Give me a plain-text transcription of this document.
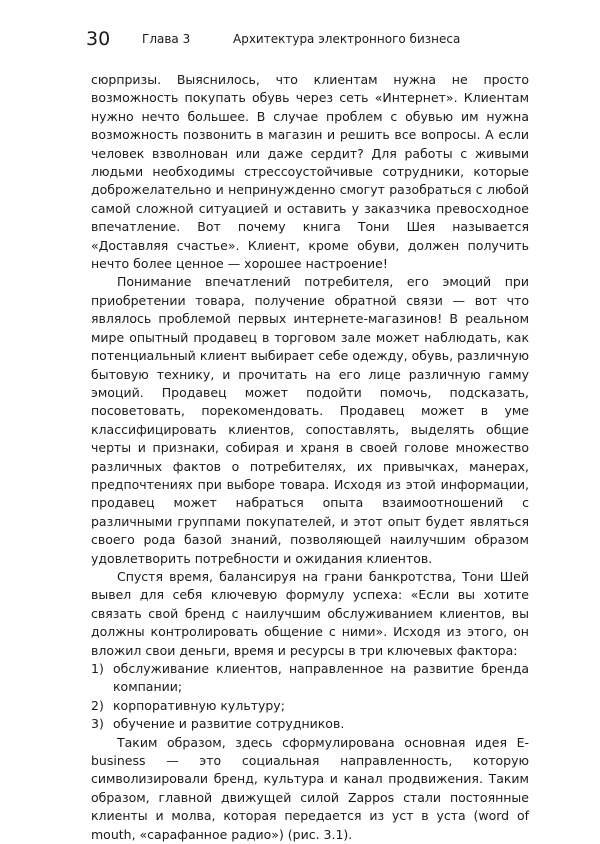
30	Глава 3	Архитектура электронного бизнеса

сюрпризы. Выяснилось, что клиентам нужна не просто возможность покупать обувь через сеть «Интернет». Клиентам нужно нечто большее. В случае проблем с обувью им нужна возможность позвонить в магазин и решить все вопросы. А если человек взволнован или даже сердит? Для работы с живыми людьми необходимы стрессоустойчивые сотрудники, которые доброжелательно и непринужденно смогут разобраться с любой самой сложной ситуацией и оставить у заказчика превосходное впечатление. Вот почему книга Тони Шея называется «Доставляя счастье». Клиент, кроме обуви, должен получить нечто более ценное — хорошее настроение!

Понимание впечатлений потребителя, его эмоций при приобретении товара, получение обратной связи — вот что являлось проблемой первых интернете-магазинов! В реальном мире опытный продавец в торговом зале может наблюдать, как потенциальный клиент выбирает себе одежду, обувь, различную бытовую технику, и прочитать на его лице различную гамму эмоций. Продавец может подойти помочь, подсказать, посоветовать, порекомендовать. Продавец может в уме классифицировать клиентов, сопоставлять, выделять общие черты и признаки, собирая и храня в своей голове множество различных фактов о потребителях, их привычках, манерах, предпочтениях при выборе товара. Исходя из этой информации, продавец может набраться опыта взаимоотношений с различными группами покупателей, и этот опыт будет являться своего рода базой знаний, позволяющей наилучшим образом удовлетворить потребности и ожидания клиентов.

Спустя время, балансируя на грани банкротства, Тони Шей вывел для себя ключевую формулу успеха: «Если вы хотите связать свой бренд с наилучшим обслуживанием клиентов, вы должны контролировать общение с ними». Исходя из этого, он вложил свои деньги, время и ресурсы в три ключевых фактора:

1) обслуживание клиентов, направленное на развитие бренда компании;
2) корпоративную культуру;
3) обучение и развитие сотрудников.

Таким образом, здесь сформулирована основная идея E-business — это социальная направленность, которую символизировали бренд, культура и канал продвижения. Таким образом, главной движущей силой Zappos стали постоянные клиенты и молва, которая передается из уст в уста (word of mouth, «сарафанное радио») (рис. 3.1).
